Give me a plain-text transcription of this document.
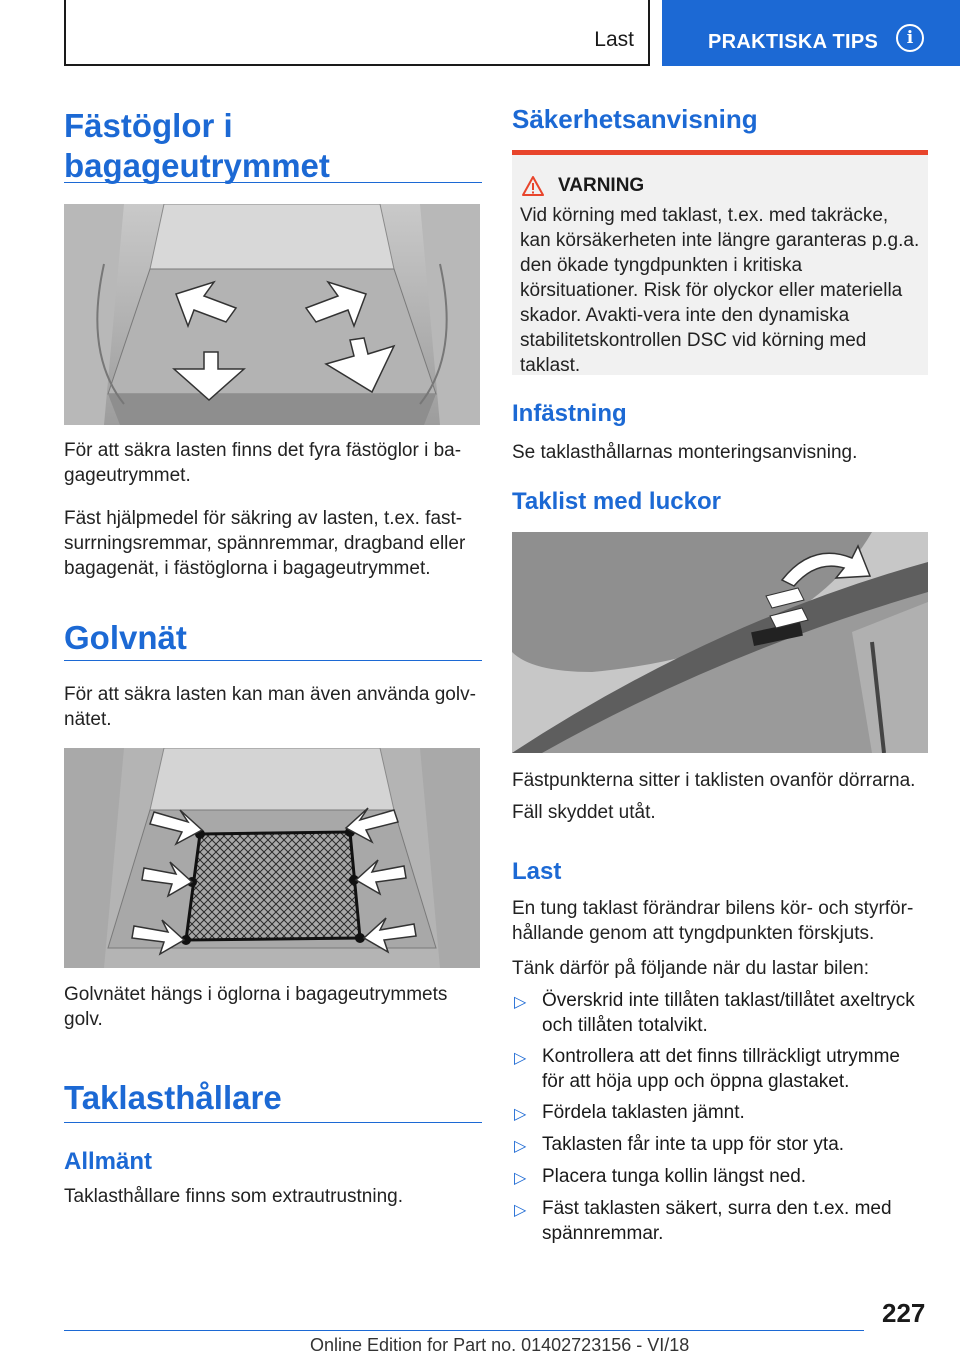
Last	PRAKTISKA TIPS	i
Fästöglor i
bagageutrymmet

För att säkra lasten finns det fyra fästöglor i ba-gageutrymmet.

Fäst hjälpmedel för säkring av lasten, t.ex. fast-surrningsremmar, spännremmar, dragband eller bagagenät, i fästöglorna i bagageutrymmet.

Golvnät

För att säkra lasten kan man även använda golv-nätet.

Golvnätet hängs i öglorna i bagageutrymmets golv.

Taklasthållare
Allmänt

Taklasthållare finns som extrautrustning.

Säkerhetsanvisning
VARNING

Vid körning med taklast, t.ex. med takräcke, kan körsäkerheten inte längre garanteras p.g.a. den ökade tyngdpunkten i kritiska körsituationer. Risk för olyckor eller materiella skador. Avakti-vera inte den dynamiska stabilitetskontrollen DSC vid körning med taklast.

Infästning

Se taklasthållarnas monteringsanvisning.

Taklist med luckor

Fästpunkterna sitter i taklisten ovanför dörrarna.

Fäll skyddet utåt.

Last

En tung taklast förändrar bilens kör- och styrför-hållande genom att tyngdpunkten förskjuts.

Tänk därför på följande när du lastar bilen:

▷ Överskrid inte tillåten taklast/tillåtet axeltryck och tillåten totalvikt.
▷ Kontrollera att det finns tillräckligt utrymme för att höja upp och öppna glastaket.
▷ Fördela taklasten jämnt.
▷ Taklasten får inte ta upp för stor yta.
▷ Placera tunga kollin längst ned.
▷ Fäst taklasten säkert, surra den t.ex. med spännremmar.
227
Online Edition for Part no. 01402723156 - VI/18
